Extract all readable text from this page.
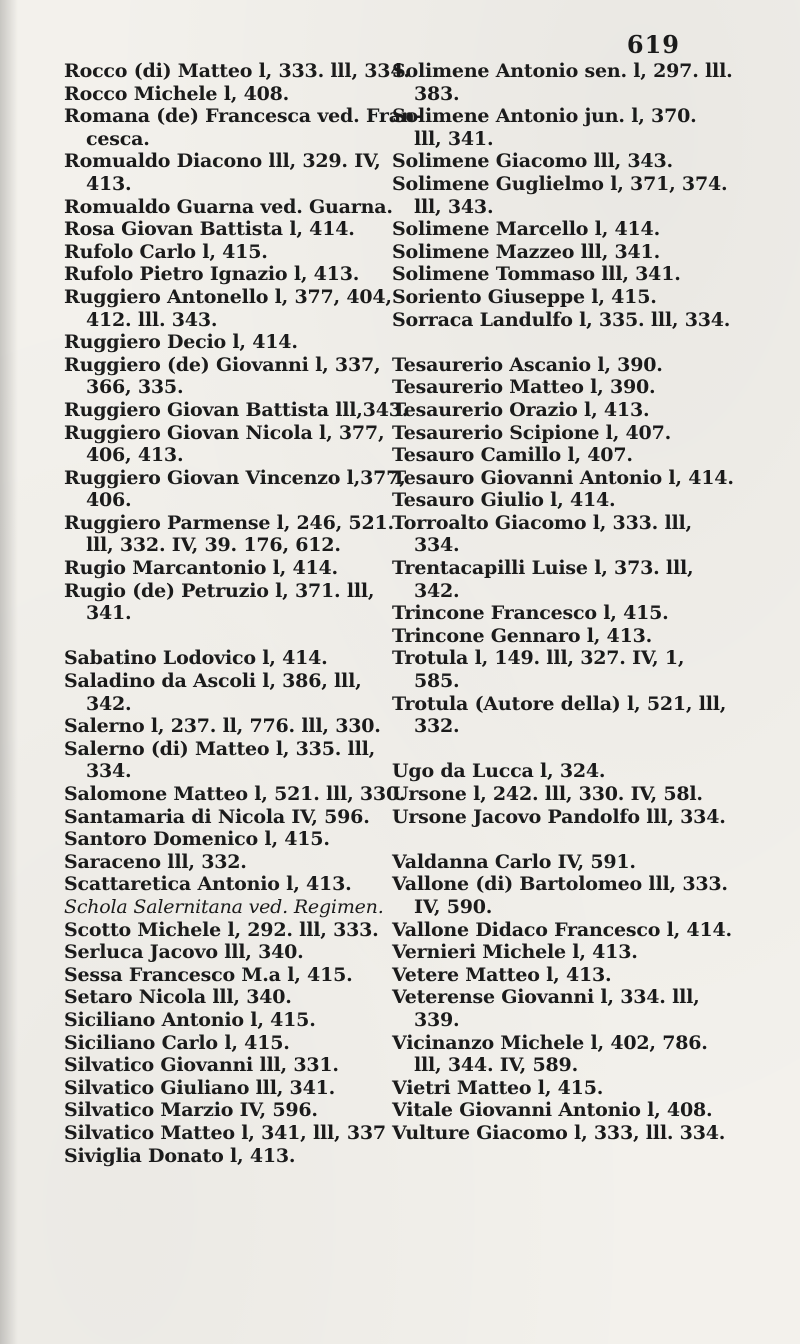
619
Rocco (di) Matteo l, 333. lll, 334.
Rocco Michele l, 408.
Romana (de) Francesca ved. Fran-
cesca.
Romualdo Diacono lll, 329. IV,
413.
Romualdo Guarna ved. Guarna.
Rosa Giovan Battista l, 414.
Rufolo Carlo l, 415.
Rufolo Pietro Ignazio l, 413.
Ruggiero Antonello l, 377, 404,
412. lll. 343.
Ruggiero Decio l, 414.
Ruggiero (de) Giovanni l, 337,
366, 335.
Ruggiero Giovan Battista lll,343.
Ruggiero Giovan Nicola l, 377,
406, 413.
Ruggiero Giovan Vincenzo l,377,
406.
Ruggiero Parmense l, 246, 521.
lll, 332. IV, 39. 176, 612.
Rugio Marcantonio l, 414.
Rugio (de) Petruzio l, 371. lll,
341.
Sabatino Lodovico l, 414.
Saladino da Ascoli l, 386, lll,
342.
Salerno l, 237. ll, 776. lll, 330.
Salerno (di) Matteo l, 335. lll,
334.
Salomone Matteo l, 521. lll, 330.
Santamaria di Nicola IV, 596.
Santoro Domenico l, 415.
Saraceno lll, 332.
Scattaretica Antonio l, 413.
Schola Salernitana ved. Regimen.
Scotto Michele l, 292. lll, 333.
Serluca Jacovo lll, 340.
Sessa Francesco M.a l, 415.
Setaro Nicola lll, 340.
Siciliano Antonio l, 415.
Siciliano Carlo l, 415.
Silvatico Giovanni lll, 331.
Silvatico Giuliano lll, 341.
Silvatico Marzio IV, 596.
Silvatico Matteo l, 341, lll, 337
Siviglia Donato l, 413.
Solimene Antonio sen. l, 297. lll.
383.
Solimene Antonio jun. l, 370.
lll, 341.
Solimene Giacomo lll, 343.
Solimene Guglielmo l, 371, 374.
lll, 343.
Solimene Marcello l, 414.
Solimene Mazzeo lll, 341.
Solimene Tommaso lll, 341.
Soriento Giuseppe l, 415.
Sorraca Landulfo l, 335. lll, 334.
Tesaurerio Ascanio l, 390.
Tesaurerio Matteo l, 390.
Tesaurerio Orazio l, 413.
Tesaurerio Scipione l, 407.
Tesauro Camillo l, 407.
Tesauro Giovanni Antonio l, 414.
Tesauro Giulio l, 414.
Torroalto Giacomo l, 333. lll,
334.
Trentacapilli Luise l, 373. lll,
342.
Trincone Francesco l, 415.
Trincone Gennaro l, 413.
Trotula l, 149. lll, 327. IV, 1,
585.
Trotula (Autore della) l, 521, lll,
332.
Ugo da Lucca l, 324.
Ursone l, 242. lll, 330. IV, 58l.
Ursone Jacovo Pandolfo lll, 334.
Valdanna Carlo IV, 591.
Vallone (di) Bartolomeo lll, 333.
IV, 590.
Vallone Didaco Francesco l, 414.
Vernieri Michele l, 413.
Vetere Matteo l, 413.
Veterense Giovanni l, 334. lll,
339.
Vicinanzo Michele l, 402, 786.
lll, 344. IV, 589.
Vietri Matteo l, 415.
Vitale Giovanni Antonio l, 408.
Vulture Giacomo l, 333, lll. 334.
